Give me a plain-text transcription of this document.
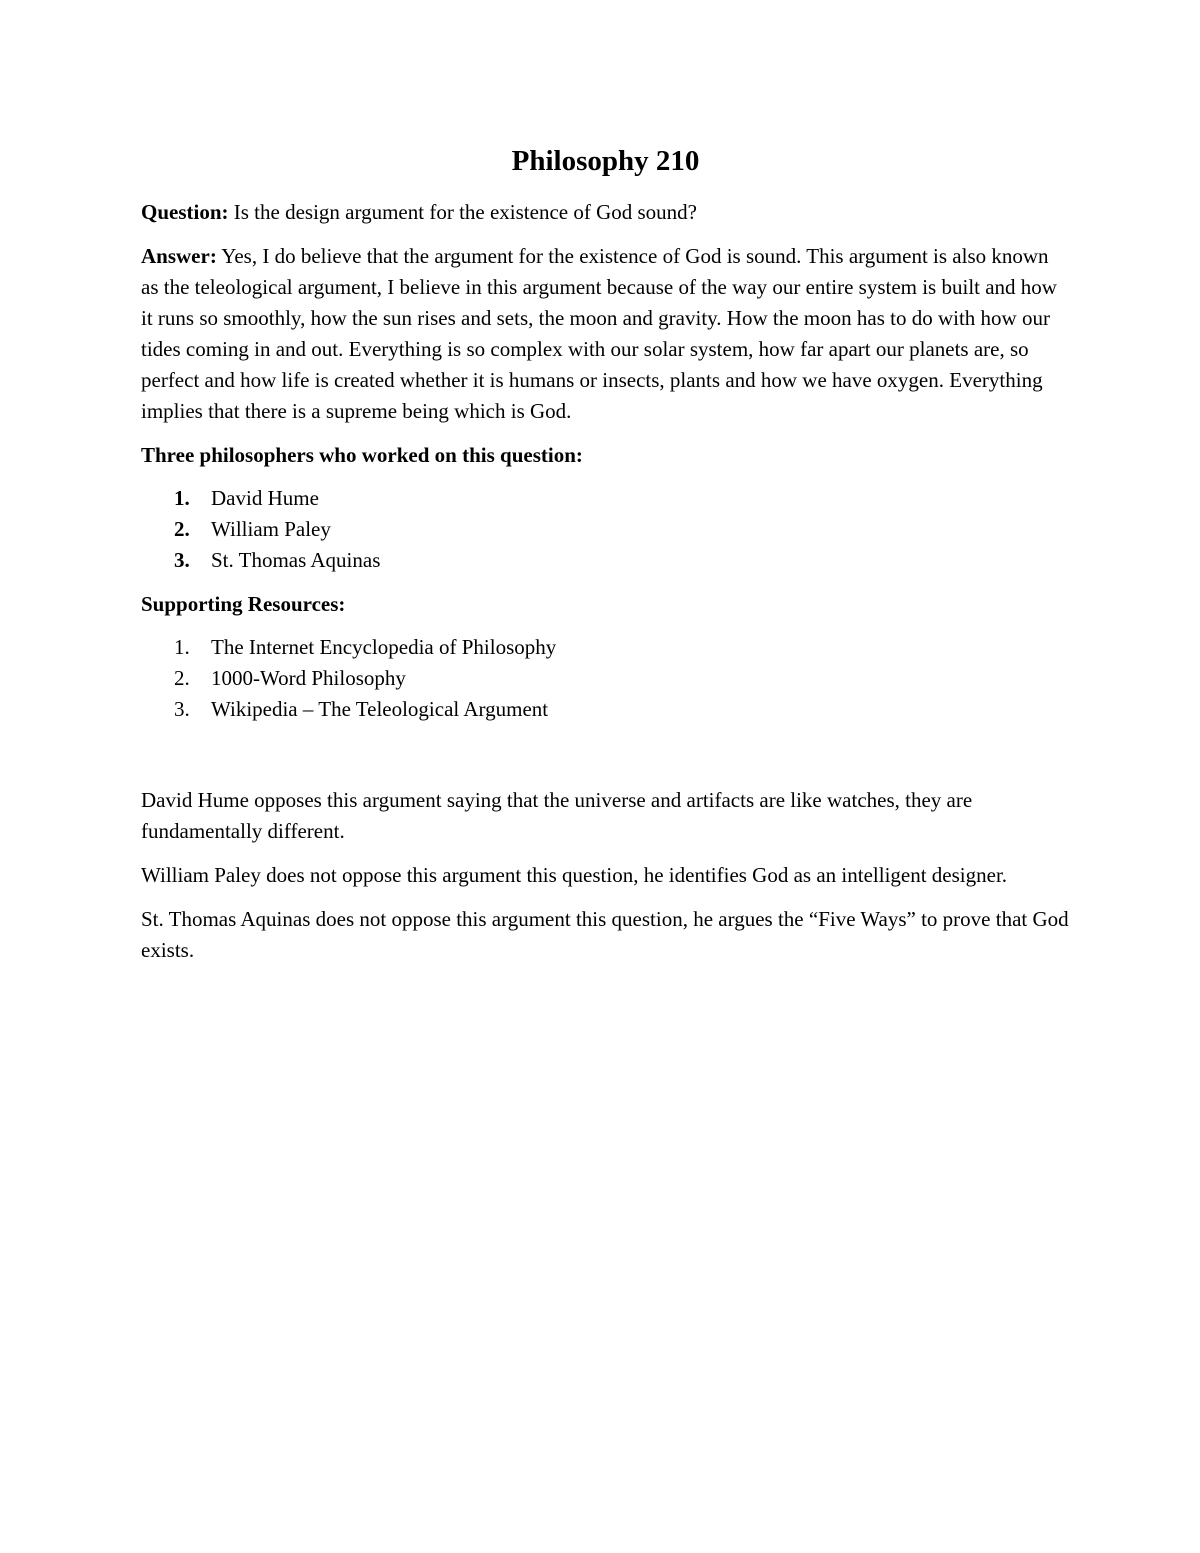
Philosophy 210

Question: Is the design argument for the existence of God sound?

Answer: Yes, I do believe that the argument for the existence of God is sound. This argument is also known as the teleological argument, I believe in this argument because of the way our entire system is built and how it runs so smoothly, how the sun rises and sets, the moon and gravity. How the moon has to do with how our tides coming in and out. Everything is so complex with our solar system, how far apart our planets are, so perfect and how life is created whether it is humans or insects, plants and how we have oxygen. Everything implies that there is a supreme being which is God.

Three philosophers who worked on this question:

1. David Hume
2. William Paley
3. St. Thomas Aquinas

Supporting Resources:

1. The Internet Encyclopedia of Philosophy
2. 1000-Word Philosophy
3. Wikipedia – The Teleological Argument

David Hume opposes this argument saying that the universe and artifacts are like watches, they are fundamentally different.

William Paley does not oppose this argument this question, he identifies God as an intelligent designer.

St. Thomas Aquinas does not oppose this argument this question, he argues the “Five Ways” to prove that God exists.
